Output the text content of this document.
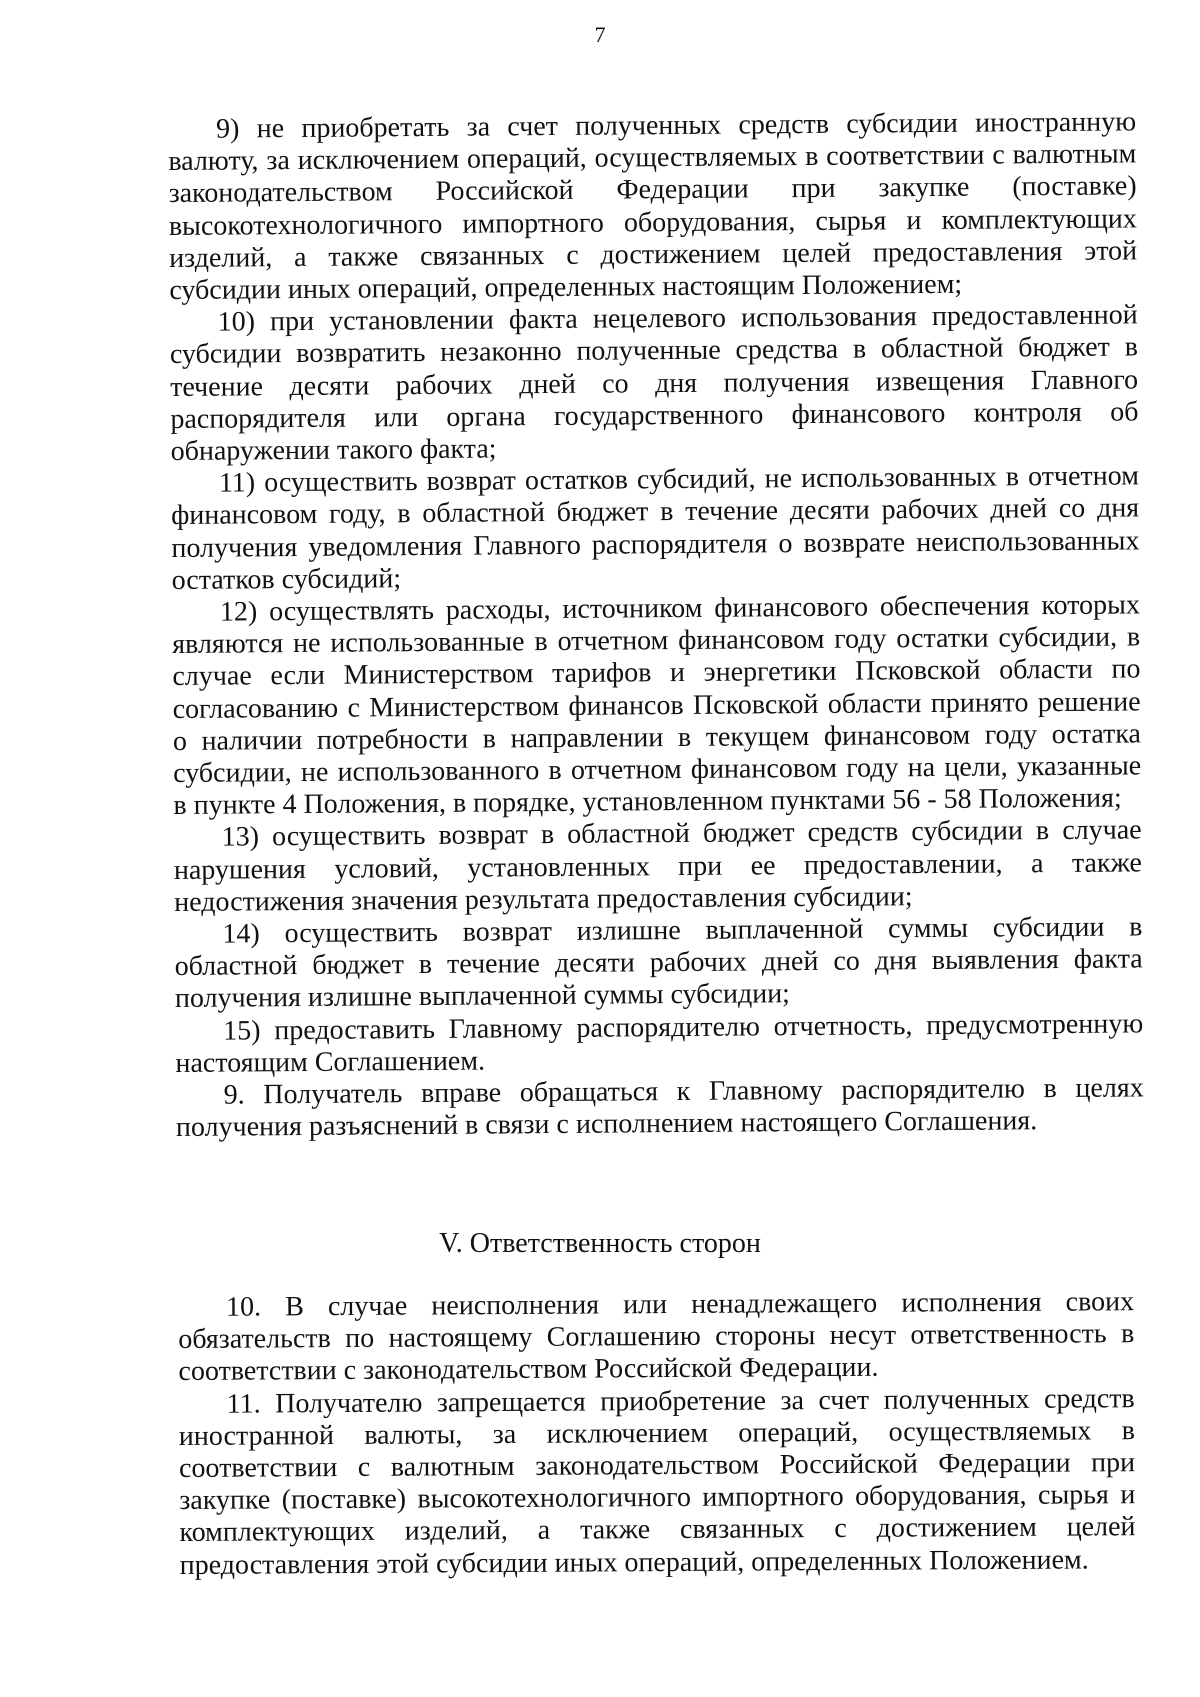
7

9) не приобретать за счет полученных средств субсидии иностранную валюту, за исключением операций, осуществляемых в соответствии с валютным законодательством Российской Федерации при закупке (поставке) высокотехнологичного импортного оборудования, сырья и комплектующих изделий, а также связанных с достижением целей предоставления этой субсидии иных операций, определенных настоящим Положением;

10) при установлении факта нецелевого использования предоставленной субсидии возвратить незаконно полученные средства в областной бюджет в течение десяти рабочих дней со дня получения извещения Главного распорядителя или органа государственного финансового контроля об обнаружении такого факта;

11) осуществить возврат остатков субсидий, не использованных в отчетном финансовом году, в областной бюджет в течение десяти рабочих дней со дня получения уведомления Главного распорядителя о возврате неиспользованных остатков субсидий;

12) осуществлять расходы, источником финансового обеспечения которых являются не использованные в отчетном финансовом году остатки субсидии, в случае если Министерством тарифов и энергетики Псковской области по согласованию с Министерством финансов Псковской области принято решение о наличии потребности в направлении в текущем финансовом году остатка субсидии, не использованного в отчетном финансовом году на цели, указанные в пункте 4 Положения, в порядке, установленном пунктами 56 - 58 Положения;

13) осуществить возврат в областной бюджет средств субсидии в случае нарушения условий, установленных при ее предоставлении, а также недостижения значения результата предоставления субсидии;

14) осуществить возврат излишне выплаченной суммы субсидии в областной бюджет в течение десяти рабочих дней со дня выявления факта получения излишне выплаченной суммы субсидии;

15) предоставить Главному распорядителю отчетность, предусмотренную настоящим Соглашением.

9. Получатель вправе обращаться к Главному распорядителю в целях получения разъяснений в связи с исполнением настоящего Соглашения.

V. Ответственность сторон

10. В случае неисполнения или ненадлежащего исполнения своих обязательств по настоящему Соглашению стороны несут ответственность в соответствии с законодательством Российской Федерации.

11. Получателю запрещается приобретение за счет полученных средств иностранной валюты, за исключением операций, осуществляемых в соответствии с валютным законодательством Российской Федерации при закупке (поставке) высокотехнологичного импортного оборудования, сырья и комплектующих изделий, а также связанных с достижением целей предоставления этой субсидии иных операций, определенных Положением.
